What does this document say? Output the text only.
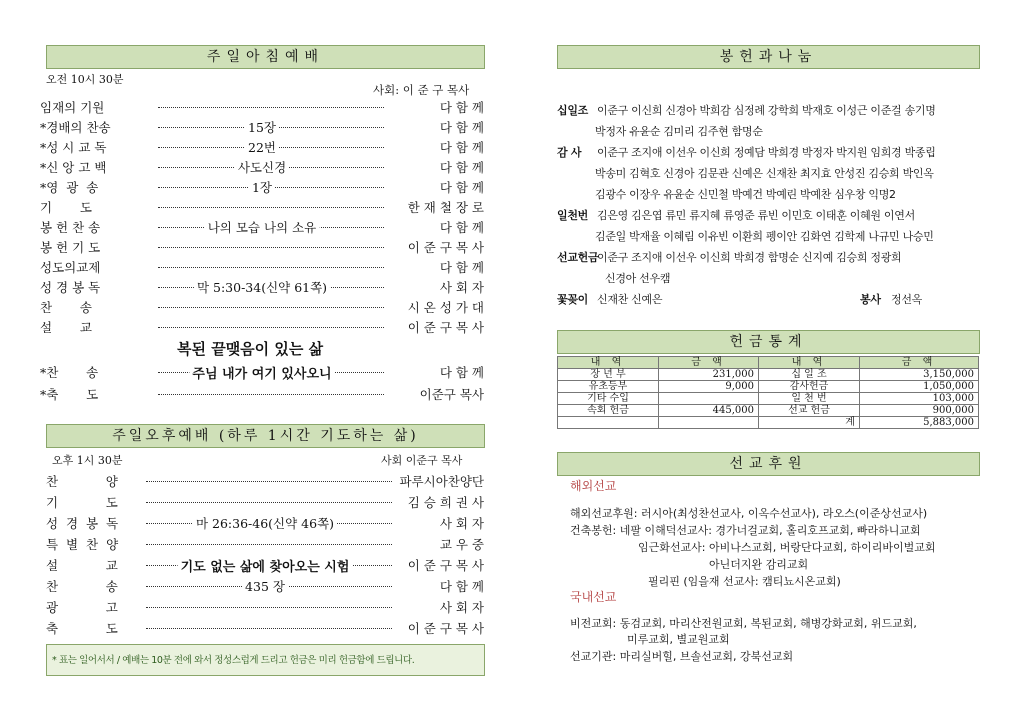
주일아침예배
오전 10시 30분
사회: 이 준 구 목사
임재의 기원	다 함 께
*경배의 찬송	15장	다 함 께
*성 시 교 독	22번	다 함 께
*신 앙 고 백	사도신경	다 함 께
*영  광  송	1장	다 함 께
기       도	한 재 철 장 로
봉 헌 찬 송	나의 모습 나의 소유	다 함 께
봉 헌 기 도	이 준 구 목 사
성도의교제	다 함 께
성 경 봉 독	막 5:30-34(신약 61쪽)	사 회 자
찬       송	시 온 성 가 대
설       교	이 준 구 목 사
복된 끝맺음이 있는 삶
*찬       송	주님 내가 여기 있사오니	다 함 께
*축       도	이준구 목사
주일오후예배 (하루 1시간 기도하는 삶)
오후 1시 30분	사회 이준구 목사
찬            양	파루시아찬양단
기            도	김 승 희 권 사
성  경  봉  독	마 26:36-46(신약 46쪽)	사 회 자
특  별  찬  양	교 우 중
설            교	기도 없는 삶에 찾아오는 시험	이 준 구 목 사
찬            송	435 장	다 함 께
광            고	사 회 자
축            도	이 준 구 목 사
* 표는 일어서서 / 예배는 10분 전에 와서 정성스럽게 드리고 헌금은 미리 헌금함에 드립니다.
봉헌과나눔
십일조 이준구 이신희 신경아 박희감 심정례 강학희 박재호 이성근 이준걸 송기명
박정자 유윤순 김미리 김주현 함명순
감 사 이준구 조지애 이선우 이신희 정예담 박희경 박정자 박지원 임희경 박종립
박송미 김혁호 신경아 김문관 신예은 신재찬 최지효 안성진 김승희 박인옥
김광수 이장우 유윤순 신민철 박예건 박예린 박예찬 심우창 익명2
일천번 김은영 김은엽 류민 류지혜 류영준 류빈 이민호 이태훈 이혜원 이연서
김준일 박재율 이혜림 이유빈 이환희 펭이안 김화연 김학제 나규민 나승민
선교헌금
이준구 조지애 이선우 이신희 박희경 함명순 신지예 김승희 정광희
신경아 선우캠
꽃꽂이 신재찬 신예은	봉사 정선옥
헌금통계
내 역	금 액	내 역	금 액
장 년 부	231,000	십 일 조	3,150,000
유초등부	9,000	감사헌금	1,050,000
기타 수입		일 천 번	103,000
속회 헌금	445,000	선교 헌금	900,000
		계	5,883,000
선교후원
해외선교
해외선교후원: 러시아(최성찬선교사, 이옥수선교사), 라오스(이준상선교사)
건축봉헌: 네팔 이해덕선교사: 경가너걸교회, 홀리호프교회, 빠라하니교회
임근화선교사: 아비나스교회, 버랑단다교회, 하이리바이벌교회
아닌더지완 감리교회
필리핀 (임을재 선교사: 캠티뇨시온교회)
국내선교
비전교회: 동검교회, 마리산전원교회, 복된교회, 해병강화교회, 위드교회,
미루교회, 별교원교회
선교기관: 마리실버힐, 브솔선교회, 강북선교회
